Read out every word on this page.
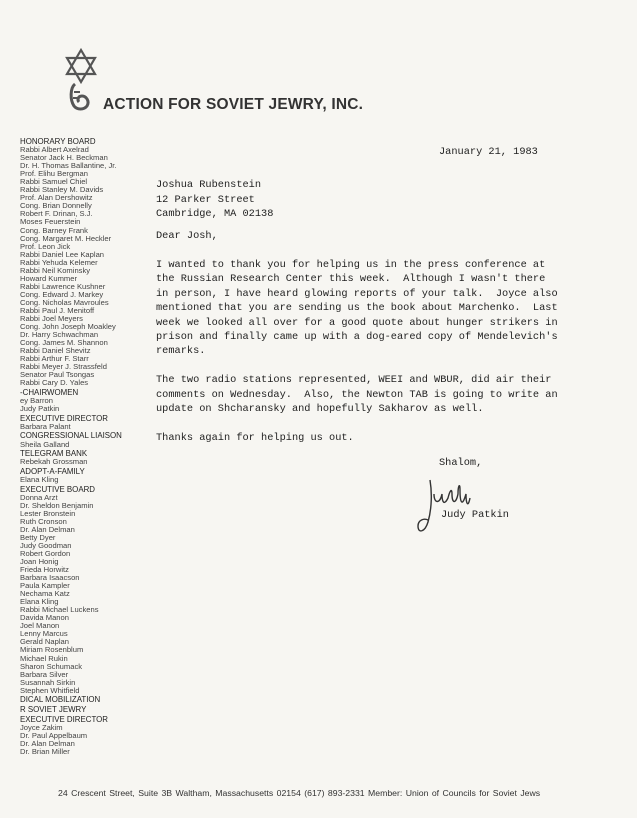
ACTION FOR SOVIET JEWRY, INC.
HONORARY BOARD
Rabbi Albert Axelrad
Senator Jack H. Beckman
Dr. H. Thomas Ballantine, Jr.
Prof. Elihu Bergman
Rabbi Samuel Chiel
Rabbi Stanley M. Davids
Prof. Alan Dershowitz
Cong. Brian Donnelly
Robert F. Drinan, S.J.
Moses Feuerstein
Cong. Barney Frank
Cong. Margaret M. Heckler
Prof. Leon Jick
Rabbi Daniel Lee Kaplan
Rabbi Yehuda Kelemer
Rabbi Neil Kominsky
Howard Kummer
Rabbi Lawrence Kushner
Cong. Edward J. Markey
Cong. Nicholas Mavroules
Rabbi Paul J. Menitoff
Rabbi Joel Meyers
Cong. John Joseph Moakley
Dr. Harry Schwachman
Cong. James M. Shannon
Rabbi Daniel Shevitz
Rabbi Arthur F. Starr
Rabbi Meyer J. Strassfeld
Senator Paul Tsongas
Rabbi Cary D. Yales
-CHAIRWOMEN
ey Barron
Judy Patkin
EXECUTIVE DIRECTOR
Barbara Palant
CONGRESSIONAL LIAISON
Sheila Galland
TELEGRAM BANK
Rebekah Grossman
ADOPT-A-FAMILY
Elana Kling
EXECUTIVE BOARD
Donna Arzt
Dr. Sheldon Benjamin
Lester Bronstein
Ruth Cronson
Dr. Alan Delman
Betty Dyer
Judy Goodman
Robert Gordon
Joan Honig
Frieda Horwitz
Barbara Isaacson
Paula Kampler
Nechama Katz
Elana Kling
Rabbi Michael Luckens
Davida Manon
Joel Manon
Lenny Marcus
Gerald Naplan
Miriam Rosenblum
Michael Rukin
Sharon Schumack
Barbara Silver
Susannah Sirkin
Stephen Whitfield
DICAL MOBILIZATION
R SOVIET JEWRY
EXECUTIVE DIRECTOR
Joyce Zakim
Dr. Paul Appelbaum
Dr. Alan Delman
Dr. Brian Miller
January 21, 1983
Joshua Rubenstein
12 Parker Street
Cambridge, MA 02138
Dear Josh,

I wanted to thank you for helping us in the press conference at
the Russian Research Center this week.  Although I wasn't there
in person, I have heard glowing reports of your talk.  Joyce also
mentioned that you are sending us the book about Marchenko.  Last
week we looked all over for a good quote about hunger strikers in
prison and finally came up with a dog-eared copy of Mendelevich's
remarks.

The two radio stations represented, WEEI and WBUR, did air their
comments on Wednesday.  Also, the Newton TAB is going to write an
update on Shcharansky and hopefully Sakharov as well.

Thanks again for helping us out.

Shalom,
Judy Patkin
24 Crescent Street, Suite 3B Waltham, Massachusetts 02154 (617) 893-2331 Member: Union of Councils for Soviet Jews
